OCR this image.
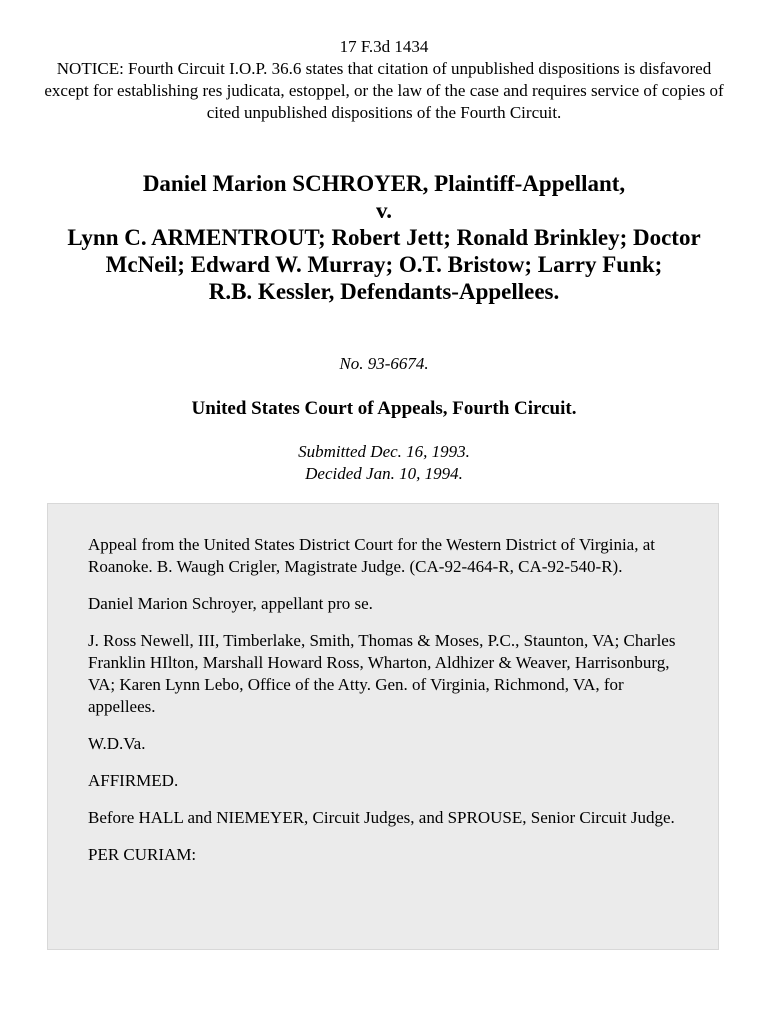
17 F.3d 1434
NOTICE: Fourth Circuit I.O.P. 36.6 states that citation of unpublished dispositions is disfavored except for establishing res judicata, estoppel, or the law of the case and requires service of copies of cited unpublished dispositions of the Fourth Circuit.
Daniel Marion SCHROYER, Plaintiff-Appellant,
v.
Lynn C. ARMENTROUT; Robert Jett; Ronald Brinkley; Doctor
McNeil; Edward W. Murray; O.T. Bristow; Larry Funk; R.B. Kessler, Defendants-Appellees.
No. 93-6674.
United States Court of Appeals, Fourth Circuit.
Submitted Dec. 16, 1993.
Decided Jan. 10, 1994.

Appeal from the United States District Court for the Western District of Virginia, at Roanoke. B. Waugh Crigler, Magistrate Judge. (CA-92-464-R, CA-92-540-R).

Daniel Marion Schroyer, appellant pro se.

J. Ross Newell, III, Timberlake, Smith, Thomas & Moses, P.C., Staunton, VA; Charles Franklin HIlton, Marshall Howard Ross, Wharton, Aldhizer & Weaver, Harrisonburg, VA; Karen Lynn Lebo, Office of the Atty. Gen. of Virginia, Richmond, VA, for appellees.

W.D.Va.

AFFIRMED.

Before HALL and NIEMEYER, Circuit Judges, and SPROUSE, Senior Circuit Judge.

PER CURIAM:
